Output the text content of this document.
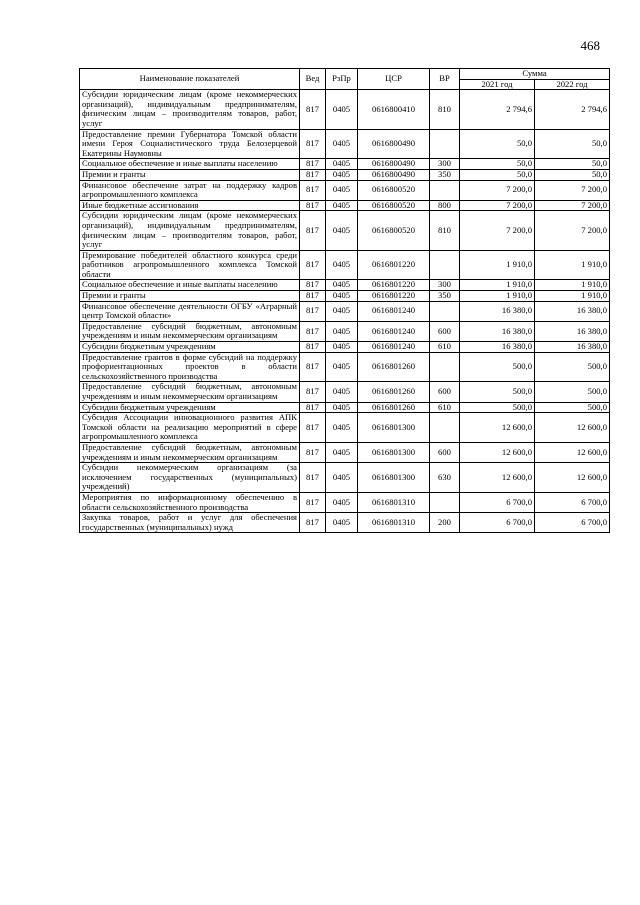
468
Наименование показателей	Вед	РзПр	ЦСР	ВР	Сумма	
					2021 год	2022 год
Субсидии юридическим лицам (кроме некоммерческих организаций), индивидуальным предпринимателям, физическим лицам – производителям товаров, работ, услуг	817	0405	0616800410	810	2 794,6	2 794,6
Предоставление премии Губернатора Томской области имени Героя Социалистического труда Белозерцевой Екатерины Наумовны	817	0405	0616800490		50,0	50,0
Социальное обеспечение и иные выплаты населению	817	0405	0616800490	300	50,0	50,0
Премии и гранты	817	0405	0616800490	350	50,0	50,0
Финансовое обеспечение затрат на поддержку кадров агропромышленного комплекса	817	0405	0616800520		7 200,0	7 200,0
Иные бюджетные ассигнования	817	0405	0616800520	800	7 200,0	7 200,0
Субсидии юридическим лицам (кроме некоммерческих организаций), индивидуальным предпринимателям, физическим лицам – производителям товаров, работ, услуг	817	0405	0616800520	810	7 200,0	7 200,0
Премирование победителей областного конкурса среди работников агропромышленного комплекса Томской области	817	0405	0616801220		1 910,0	1 910,0
Социальное обеспечение и иные выплаты населению	817	0405	0616801220	300	1 910,0	1 910,0
Премии и гранты	817	0405	0616801220	350	1 910,0	1 910,0
Финансовое обеспечение деятельности ОГБУ «Аграрный центр Томской области»	817	0405	0616801240		16 380,0	16 380,0
Предоставление субсидий бюджетным, автономным учреждениям и иным некоммерческим организациям	817	0405	0616801240	600	16 380,0	16 380,0
Субсидии бюджетным учреждениям	817	0405	0616801240	610	16 380,0	16 380,0
Предоставление грантов в форме субсидий на поддержку профориентационных проектов в области сельскохозяйственного производства	817	0405	0616801260		500,0	500,0
Предоставление субсидий бюджетным, автономным учреждениям и иным некоммерческим организациям	817	0405	0616801260	600	500,0	500,0
Субсидии бюджетным учреждениям	817	0405	0616801260	610	500,0	500,0
Субсидия Ассоциации инновационного развития АПК Томской области на реализацию мероприятий в сфере агропромышленного комплекса	817	0405	0616801300		12 600,0	12 600,0
Предоставление субсидий бюджетным, автономным учреждениям и иным некоммерческим организациям	817	0405	0616801300	600	12 600,0	12 600,0
Субсидии некоммерческим организациям (за исключением государственных (муниципальных) учреждений)	817	0405	0616801300	630	12 600,0	12 600,0
Мероприятия по информационному обеспечению в области сельскохозяйственного производства	817	0405	0616801310		6 700,0	6 700,0
Закупка товаров, работ и услуг для обеспечения государственных (муниципальных) нужд	817	0405	0616801310	200	6 700,0	6 700,0
